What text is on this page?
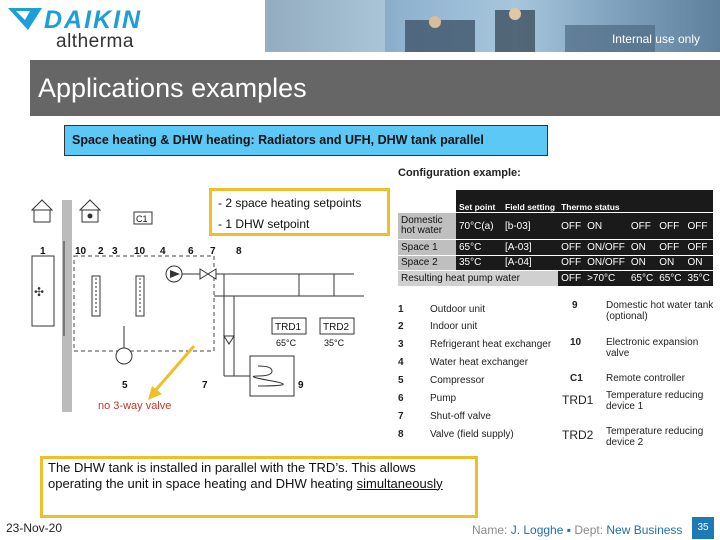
DAIKIN
altherma	Internal use only
Applications examples
Space heating & DHW heating: Radiators and UFH, DHW tank parallel
C1
✣
TRD1 TRD2
65°C	35°C
1	10 2 3 10 4 6 7 8
5	7	9
no 3-way valve
- 2 space heating setpoints
- 1 DHW setpoint
Configuration example:
	Set point	Field setting	Thermo status				
Domestic hot water	70°C(a)	[b-03]	OFF	ON	OFF	OFF	OFF
Space 1	65°C	[A-03]	OFF	ON/OFF	ON	OFF	OFF
Space 2	35°C	[A-04]	OFF	ON/OFF	ON	ON	ON
Resulting heat pump water			OFF	>70°C	65°C	65°C	35°C
1	Outdoor unit
2	Indoor unit
3	Refrigerant heat exchanger
4	Water heat exchanger
5	Compressor
6	Pump
7	Shut-off valve
8	Valve (field supply)
9	Domestic hot water tank (optional)
10 Electronic expansion valve
C1 Remote controller
TRD1 Temperature reducing device 1
TRD2 Temperature reducing device 2
The DHW tank is installed in parallel with the TRD’s. This allows operating the unit in space heating and DHW heating simultaneously
23-Nov-20	Name: J. Logghe ▪ Dept: New Business	35
